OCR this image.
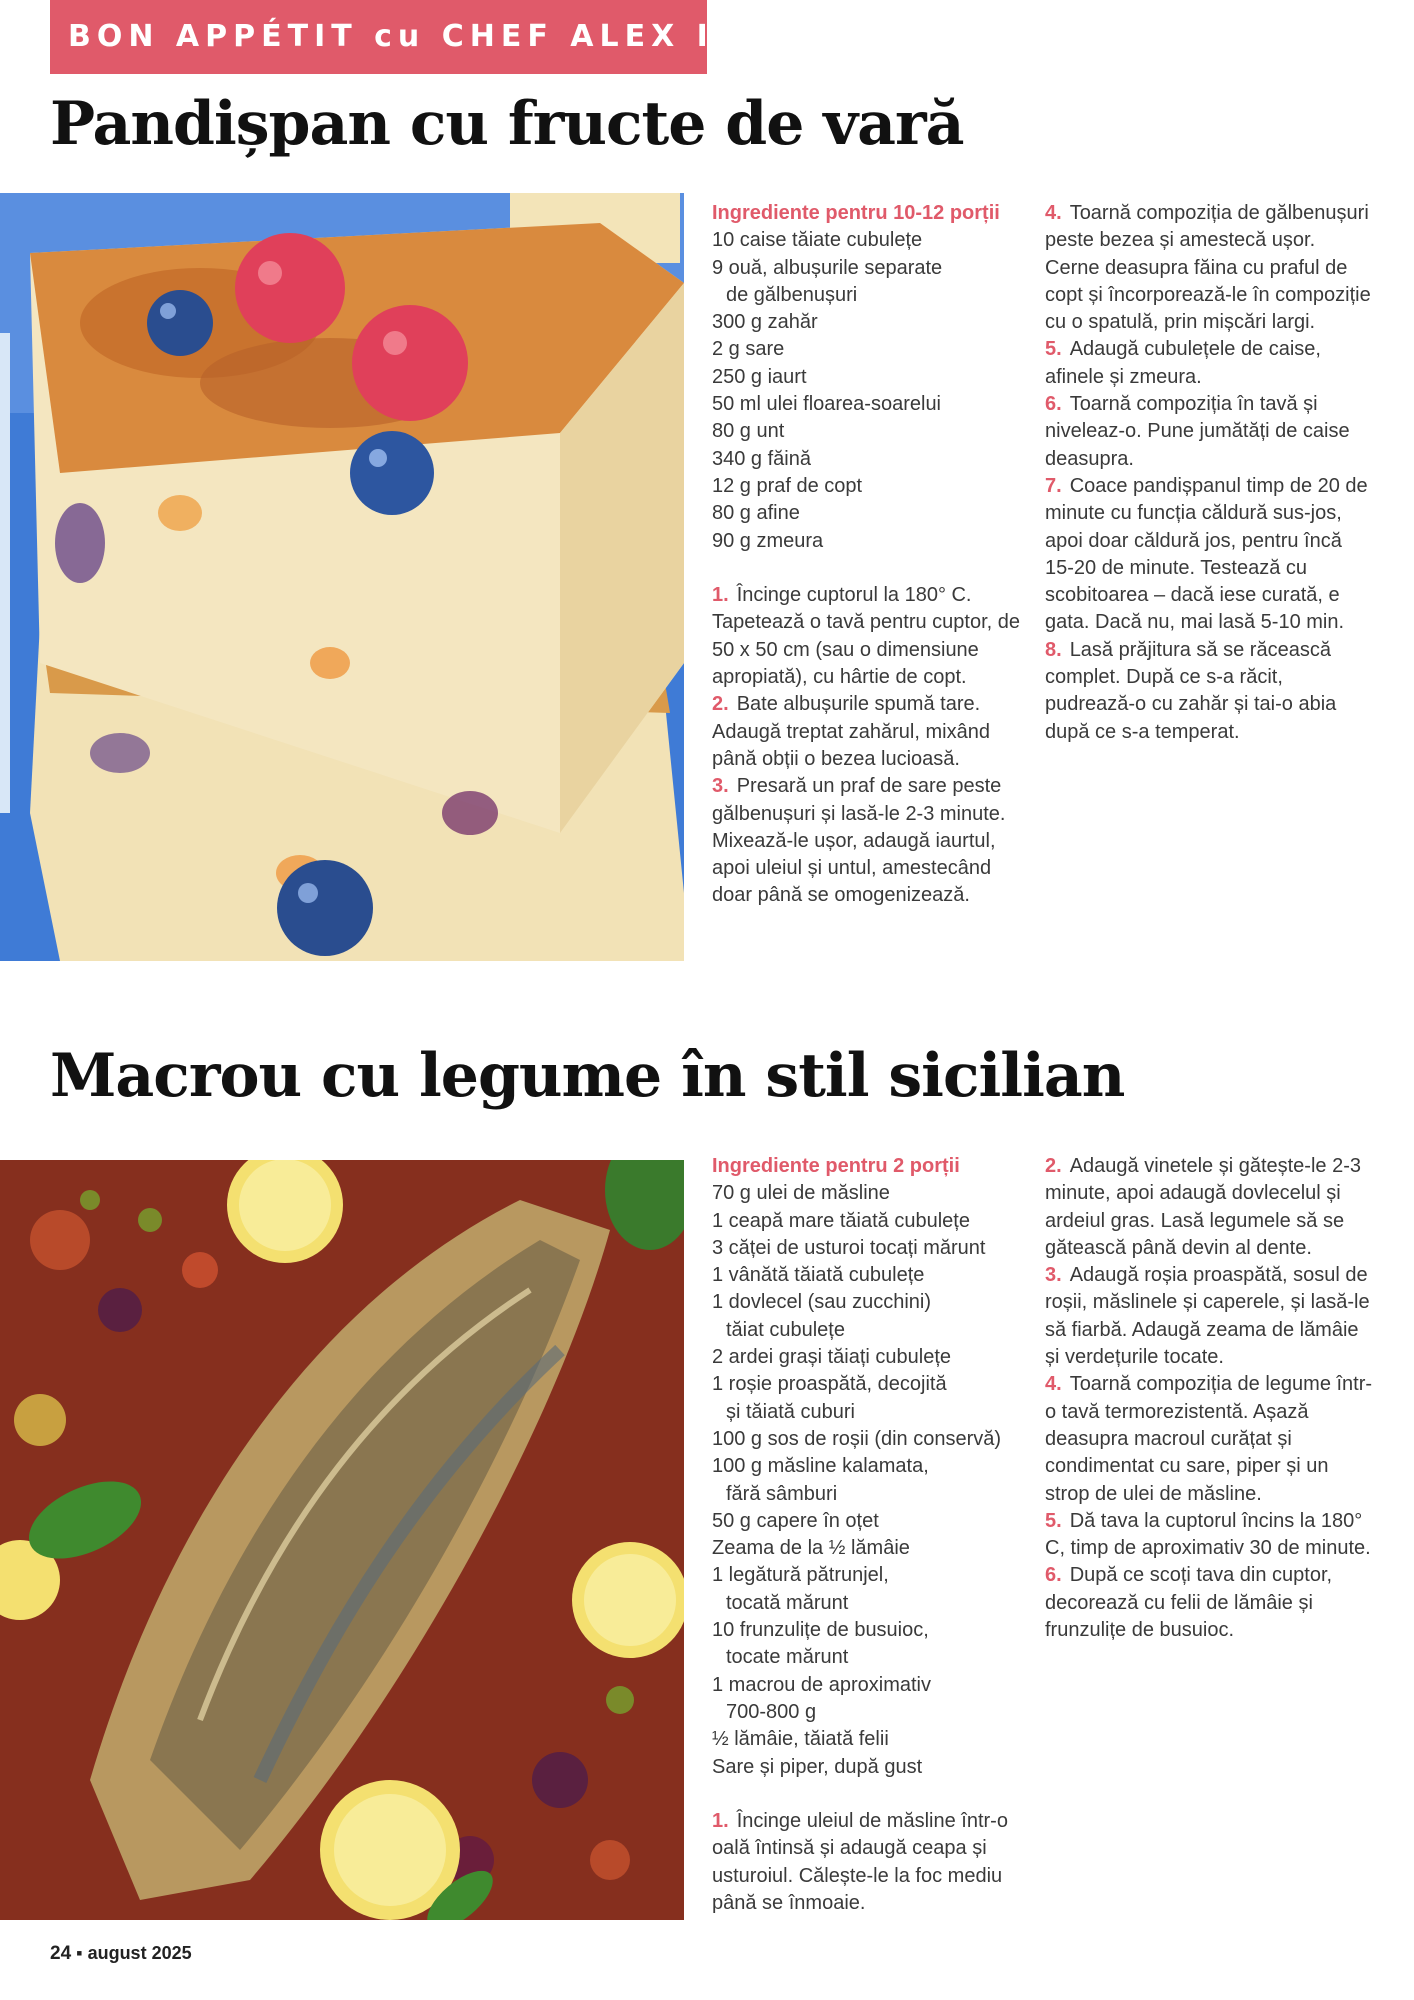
BON APPÉTIT cu CHEF ALEX IACOB
Pandișpan cu fructe de vară

Ingrediente pentru 10-12 porții

10 caise tăiate cubulețe

9 ouă, albușurile separate

de gălbenușuri

300 g zahăr

2 g sare

250 g iaurt

50 ml ulei floarea-soarelui

80 g unt

340 g făină

12 g praf de copt

80 g afine

90 g zmeura

1. Încinge cuptorul la 180° C. Tapetează o tavă pentru cuptor, de 50 x 50 cm (sau o dimensiune apropiată), cu hârtie de copt.

2. Bate albușurile spumă tare. Adaugă treptat zahărul, mixând până obții o bezea lucioasă.

3. Presară un praf de sare peste gălbenușuri și lasă-le 2-3 minute. Mixează-le ușor, adaugă iaurtul, apoi uleiul și untul, amestecând doar până se omogenizează.

4. Toarnă compoziția de gălbenușuri peste bezea și amestecă ușor. Cerne deasupra făina cu praful de copt și încorporează-le în compoziție cu o spatulă, prin mișcări largi.

5. Adaugă cubulețele de caise, afinele și zmeura.

6. Toarnă compoziția în tavă și niveleaz-o. Pune jumătăți de caise deasupra.

7. Coace pandișpanul timp de 20 de minute cu funcția căldură sus-jos, apoi doar căldură jos, pentru încă 15-20 de minute. Testează cu scobitoarea – dacă iese curată, e gata. Dacă nu, mai lasă 5-10 min.

8. Lasă prăjitura să se răcească complet. După ce s-a răcit, pudrează-o cu zahăr și tai-o abia după ce s-a temperat.

Macrou cu legume în stil sicilian

Ingrediente pentru 2 porții

70 g ulei de măsline

1 ceapă mare tăiată cubulețe

3 căței de usturoi tocați mărunt

1 vânătă tăiată cubulețe

1 dovlecel (sau zucchini)

tăiat cubulețe

2 ardei grași tăiați cubulețe

1 roșie proaspătă, decojită

și tăiată cuburi

100 g sos de roșii (din conservă)

100 g măsline kalamata,

fără sâmburi

50 g capere în oțet

Zeama de la ½ lămâie

1 legătură pătrunjel,

tocată mărunt

10 frunzulițe de busuioc,

tocate mărunt

1 macrou de aproximativ

700-800 g

½ lămâie, tăiată felii

Sare și piper, după gust

1. Încinge uleiul de măsline într-o oală întinsă și adaugă ceapa și usturoiul. Călește-le la foc mediu până se înmoaie.

2. Adaugă vinetele și gătește-le 2-3 minute, apoi adaugă dovlecelul și ardeiul gras. Lasă legumele să se gătească până devin al dente.

3. Adaugă roșia proaspătă, sosul de roșii, măslinele și caperele, și lasă-le să fiarbă. Adaugă zeama de lămâie și verdețurile tocate.

4. Toarnă compoziția de legume într-o tavă termorezistentă. Așază deasupra macroul curățat și condimentat cu sare, piper și un strop de ulei de măsline.

5. Dă tava la cuptorul încins la 180° C, timp de aproximativ 30 de minute.

6. După ce scoți tava din cuptor, decorează cu felii de lămâie și frunzulițe de busuioc.

24 ▪ august 2025
